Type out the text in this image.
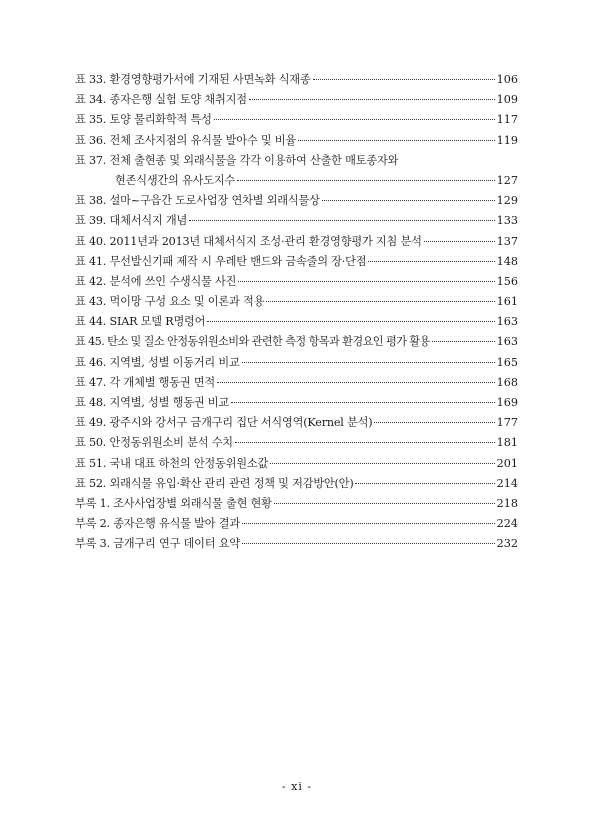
표 33. 환경영향평가서에 기재된 사면녹화 식재종	106
표 34. 종자은행 실험 토양 채취지점	109
표 35. 토양 물리화학적 특성	117
표 36. 전체 조사지점의 유식물 발아수 및 비율	119
표 37. 전체 출현종 및 외래식물을 각각 이용하여 산출한 매토종자와
현존식생간의 유사도지수	127
표 38. 설마~구읍간 도로사업장 연차별 외래식물상	129
표 39. 대체서식지 개념	133
표 40. 2011년과 2013년 대체서식지 조성·관리 환경영향평가 지침 분석	137
표 41. 무선발신기패 제작 시 우레탄 밴드와 금속줄의 장·단점	148
표 42. 분석에 쓰인 수생식물 사진	156
표 43. 먹이망 구성 요소 및 이론과 적용	161
표 44. SIAR 모델 R명령어	163
표 45. 탄소 및 질소 안정동위원소비와 관련한 측정 항목과 환경요인 평가 활용	163
표 46. 지역별, 성별 이동거리 비교	165
표 47. 각 개체별 행동권 면적	168
표 48. 지역별, 성별 행동권 비교	169
표 49. 광주시와 강서구 금개구리 집단 서식영역(Kernel 분석)	177
표 50. 안정동위원소비 분석 수치	181
표 51. 국내 대표 하천의 안정동위원소값	201
표 52. 외래식물 유입·확산 관리 관련 정책 및 저감방안(안)	214
부록 1. 조사사업장별 외래식물 출현 현황	218
부록 2. 종자은행 유식물 발아 결과	224
부록 3. 금개구리 연구 데이터 요약	232
- xi -
